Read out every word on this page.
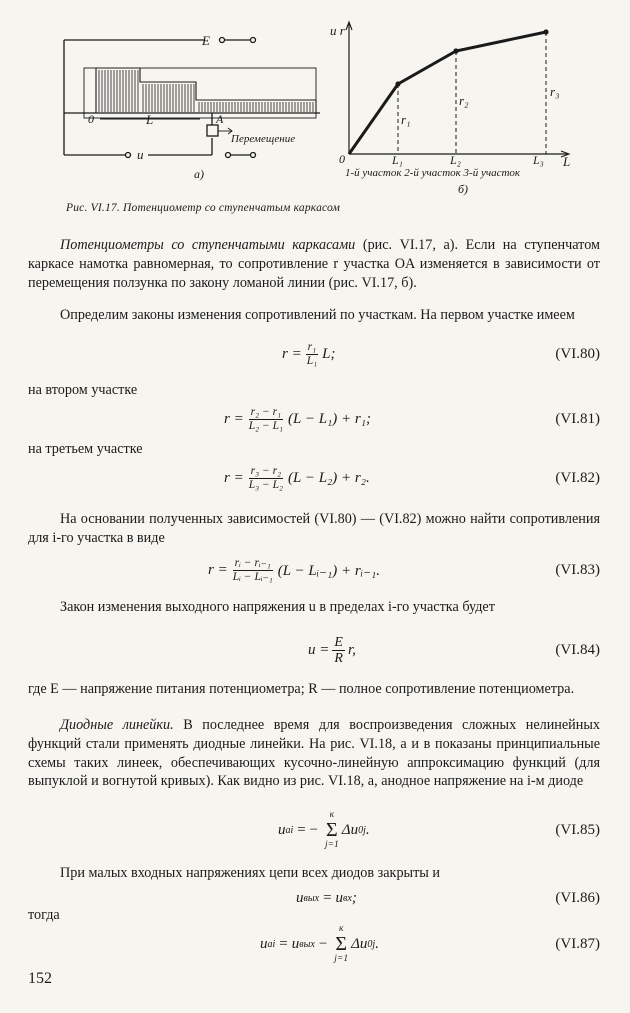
E
u
0	L	A
Перемещение
а)
u r
0	L
L₁	L₂	L₃
r₁
r₂
r₃
1-й участок 2-й участок 3-й участок
б)
Рис. VI.17. Потенциометр со ступенчатым каркасом
Потенциометры со ступенчатыми каркасами (рис. VI.17, а). Если на ступенчатом каркасе намотка равномерная, то сопротивление r участка OA изменяется в зависимости от перемещения ползунка по закону ломаной линии (рис. VI.17, б).
Определим законы изменения сопротивлений по участкам. На первом участке имеем
$r = \frac{\text{r₁}}{\text{L₁}} L$;	(VI.80)
на втором участке
$r = \frac{\text{r₂ − r₁}}{\text{L₂ − L₁}} (L - L_1) + r_1$;	(VI.81)
на третьем участке
$r = \frac{\text{r₃ − r₂}}{\text{L₃ − L₂}} (L - L_2) + r_2$.	(VI.82)
На основании полученных зависимостей (VI.80) — (VI.82) можно найти сопротивления для i-го участка в виде
$r = \frac{\text{rᵢ − rᵢ₋₁}}{\text{Lᵢ − Lᵢ₋₁}} (L$ − Lᵢ₋₁) + rᵢ₋₁.	(VI.83)
Закон изменения выходного напряжения u в пределах i-го участка будет
$u = \frac{E}{R} r$,	(VI.84)
где E — напряжение питания потенциометра; R — полное сопротивление потенциометра.
Диодные линейки. В последнее время для воспроизведения сложных нелинейных функций стали применять диодные линейки. На рис. VI.18, а и в показаны принципиальные схемы таких линеек, обеспечивающих кусочно-линейную аппроксимацию функций (для выпуклой и вогнутой кривых). Как видно из рис. VI.18, а, анодное напряжение на i-м диоде
u ai = −
к
Σ
j=1
Δu 0j .	(VI.85)
При малых входных напряжениях цепи всех диодов закрыты и
u вых = u вх ;	(VI.86)
тогда
u ai = u вых −
к
Σ
j=1
Δu 0j .	(VI.87)
152
